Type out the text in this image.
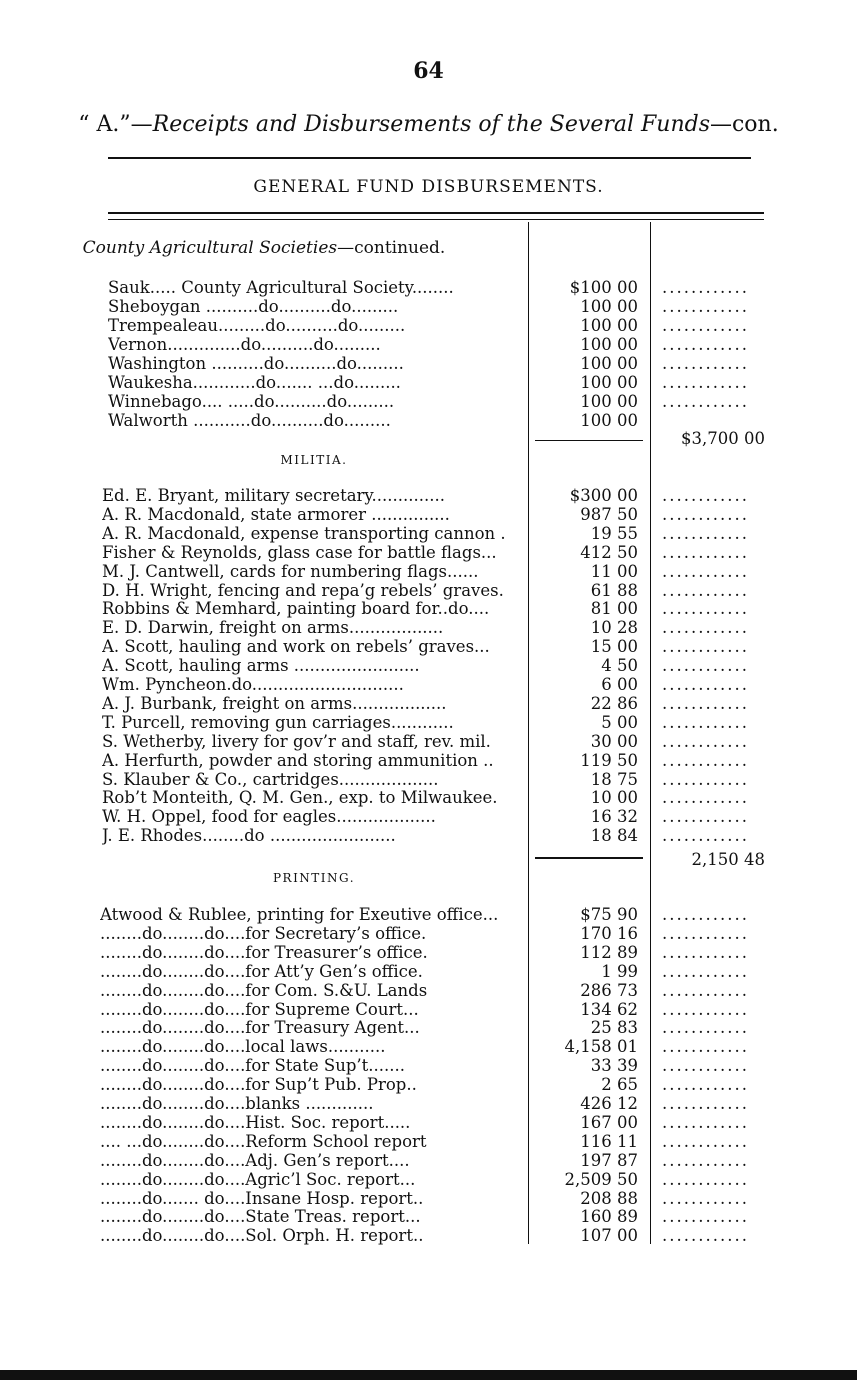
64
“ A.”—Receipts and Disbursements of the Several Funds—con.
GENERAL FUND DISBURSEMENTS.
County Agricultural Societies—continued.
Sauk..... County Agricultural Society........	$100 00 ............
Sheboygan ..........do..........do.........	100 00 ............
Trempealeau.........do..........do.........	100 00 ............
Vernon..............do..........do.........	100 00 ............
Washington ..........do..........do.........	100 00 ............
Waukesha............do....... ...do.........	100 00 ............
Winnebago.... .....do..........do.........	100 00 ............
Walworth ...........do..........do.........	100 00
$3,700 00
MILITIA.
Ed. E. Bryant, military secretary..............	$300 00 ............
A. R. Macdonald, state armorer ...............	987 50 ............
A. R. Macdonald, expense transporting cannon .	19 55 ............
Fisher & Reynolds, glass case for battle flags...	412 50 ............
M. J. Cantwell, cards for numbering flags......	11 00 ............
D. H. Wright, fencing and repa’g rebels’ graves.	61 88 ............
Robbins & Memhard, painting board for..do....	81 00 ............
E. D. Darwin, freight on arms..................	10 28 ............
A. Scott, hauling and work on rebels’ graves...	15 00 ............
A. Scott, hauling arms ........................	4 50 ............
Wm. Pyncheon.do.............................	6 00 ............
A. J. Burbank, freight on arms..................	22 86 ............
T. Purcell, removing gun carriages............	5 00 ............
S. Wetherby, livery for gov’r and staff, rev. mil.	30 00 ............
A. Herfurth, powder and storing ammunition ..	119 50 ............
S. Klauber & Co., cartridges...................	18 75 ............
Rob’t Monteith, Q. M. Gen., exp. to Milwaukee.	10 00 ............
W. H. Oppel, food for eagles...................	16 32 ............
J. E. Rhodes........do ........................	18 84 ............
2,150 48
PRINTING.
Atwood & Rublee, printing for Exeutive office...	$75 90 ............
........do........do....for Secretary’s office.	170 16 ............
........do........do....for Treasurer’s office.	112 89 ............
........do........do....for Att’y Gen’s office.	1 99 ............
........do........do....for Com. S.&U. Lands	286 73 ............
........do........do....for Supreme Court...	134 62 ............
........do........do....for Treasury Agent...	25 83 ............
........do........do....local laws...........	4,158 01 ............
........do........do....for State Sup’t.......	33 39 ............
........do........do....for Sup’t Pub. Prop..	2 65 ............
........do........do....blanks .............	426 12 ............
........do........do....Hist. Soc. report.....	167 00 ............
.... ...do........do....Reform School report	116 11 ............
........do........do....Adj. Gen’s report....	197 87 ............
........do........do....Agric’l Soc. report...	2,509 50 ............
........do....... do....Insane Hosp. report..	208 88 ............
........do........do....State Treas. report...	160 89 ............
........do........do....Sol. Orph. H. report..	107 00 ............
